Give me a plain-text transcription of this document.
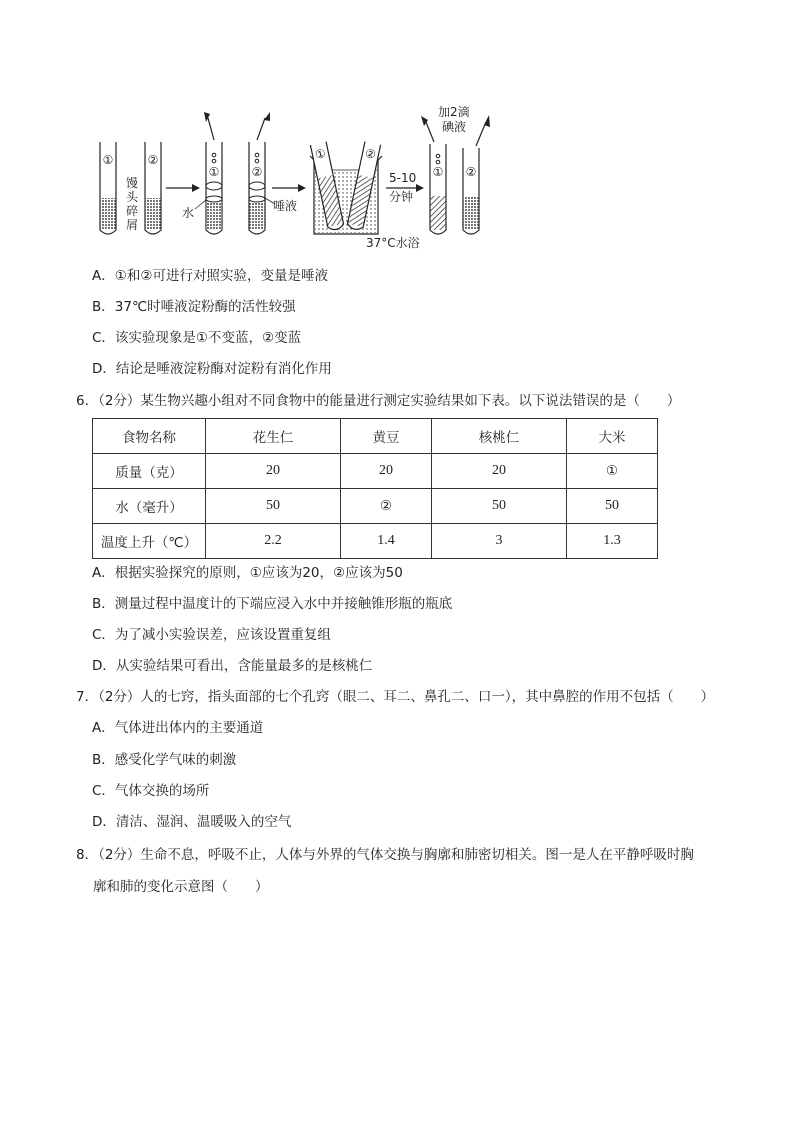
①	②
馒
头
碎
屑
①
水
②
唾液
①	②
37°C水浴
5-10
分钟
① ②
加2滴
碘液
A．①和②可进行对照实验，变量是唾液
B．37℃时唾液淀粉酶的活性较强
C．该实验现象是①不变蓝，②变蓝
D．结论是唾液淀粉酶对淀粉有消化作用
6．（2分）某生物兴趣小组对不同食物中的能量进行测定实验结果如下表。以下说法错误的是（　　）
食物名称	花生仁	黄豆	核桃仁	大米
质量（克）	20	20	20	①
水（毫升）	50	②	50	50
温度上升（℃）	2.2	1.4	3	1.3
A．根据实验探究的原则，①应该为20，②应该为50
B．测量过程中温度计的下端应浸入水中并接触锥形瓶的瓶底
C．为了减小实验误差，应该设置重复组
D．从实验结果可看出，含能量最多的是核桃仁
7．（2分）人的七窍，指头面部的七个孔窍（眼二、耳二、鼻孔二、口一），其中鼻腔的作用不包括（　　）
A．气体进出体内的主要通道
B．感受化学气味的刺激
C．气体交换的场所
D．清洁、湿润、温暖吸入的空气
8．（2分）生命不息，呼吸不止，人体与外界的气体交换与胸廓和肺密切相关。图一是人在平静呼吸时胸
廓和肺的变化示意图（　　）
